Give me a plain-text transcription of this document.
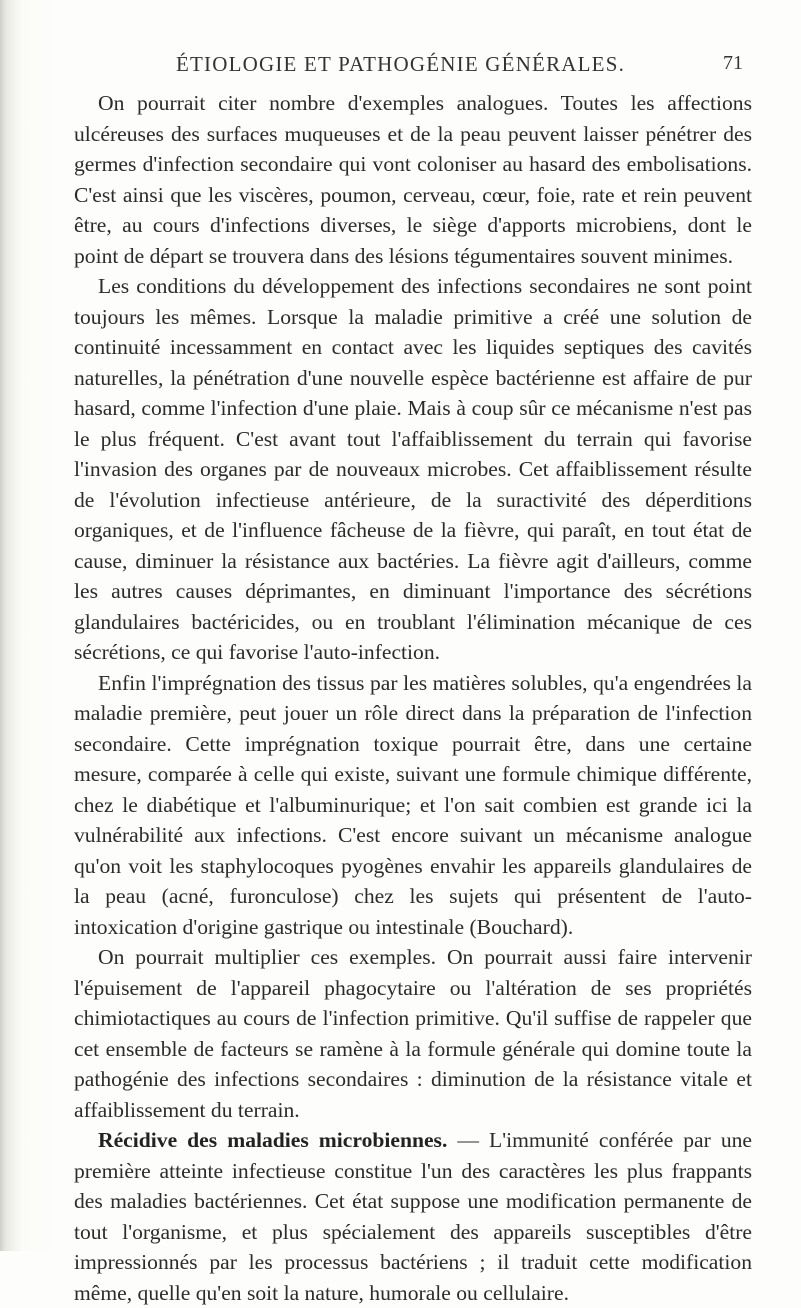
ÉTIOLOGIE ET PATHOGÉNIE GÉNÉRALES.	71

On pourrait citer nombre d'exemples analogues. Toutes les affections ulcéreuses des surfaces muqueuses et de la peau peuvent laisser pénétrer des germes d'infection secondaire qui vont coloniser au hasard des embolisations. C'est ainsi que les viscères, poumon, cerveau, cœur, foie, rate et rein peuvent être, au cours d'infections diverses, le siège d'apports microbiens, dont le point de départ se trouvera dans des lésions tégumentaires souvent minimes.

Les conditions du développement des infections secondaires ne sont point toujours les mêmes. Lorsque la maladie primitive a créé une solution de continuité incessamment en contact avec les liquides septiques des cavités naturelles, la pénétration d'une nouvelle espèce bactérienne est affaire de pur hasard, comme l'infection d'une plaie. Mais à coup sûr ce mécanisme n'est pas le plus fréquent. C'est avant tout l'affaiblissement du terrain qui favorise l'invasion des organes par de nouveaux microbes. Cet affaiblissement résulte de l'évolution infectieuse antérieure, de la suractivité des déperditions organiques, et de l'influence fâcheuse de la fièvre, qui paraît, en tout état de cause, diminuer la résistance aux bactéries. La fièvre agit d'ailleurs, comme les autres causes déprimantes, en diminuant l'importance des sécrétions glandulaires bactéricides, ou en troublant l'élimination mécanique de ces sécrétions, ce qui favorise l'auto-infection.

Enfin l'imprégnation des tissus par les matières solubles, qu'a engendrées la maladie première, peut jouer un rôle direct dans la préparation de l'infection secondaire. Cette imprégnation toxique pourrait être, dans une certaine mesure, comparée à celle qui existe, suivant une formule chimique différente, chez le diabétique et l'albuminurique; et l'on sait combien est grande ici la vulnérabilité aux infections. C'est encore suivant un mécanisme analogue qu'on voit les staphylocoques pyogènes envahir les appareils glandulaires de la peau (acné, furonculose) chez les sujets qui présentent de l'auto-intoxication d'origine gastrique ou intestinale (Bouchard).

On pourrait multiplier ces exemples. On pourrait aussi faire intervenir l'épuisement de l'appareil phagocytaire ou l'altération de ses propriétés chimiotactiques au cours de l'infection primitive. Qu'il suffise de rappeler que cet ensemble de facteurs se ramène à la formule générale qui domine toute la pathogénie des infections secondaires : diminution de la résistance vitale et affaiblissement du terrain.

Récidive des maladies microbiennes. — L'immunité conférée par une première atteinte infectieuse constitue l'un des caractères les plus frappants des maladies bactériennes. Cet état suppose une modification permanente de tout l'organisme, et plus spécialement des appareils susceptibles d'être impressionnés par les processus bactériens ; il traduit cette modification même, quelle qu'en soit la nature, humorale ou cellulaire.
